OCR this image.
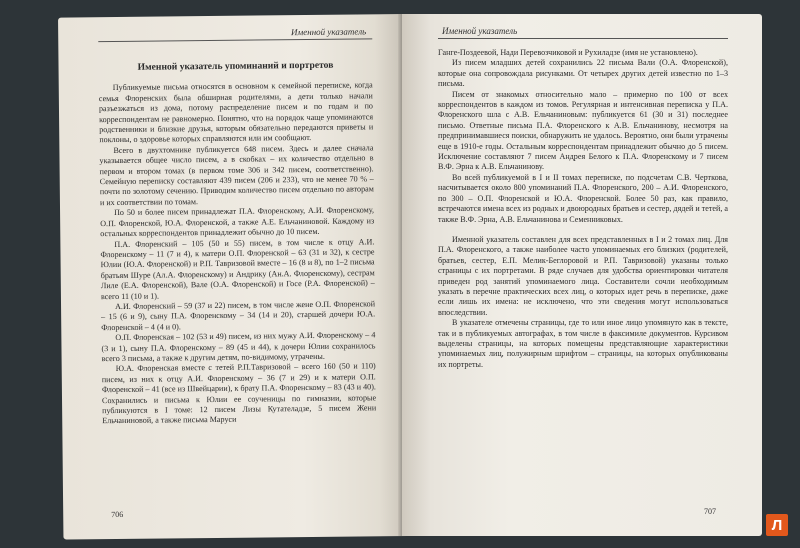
Именной указатель
Именной указатель упоминаний и портретов

Публикуемые письма относятся в основном к семейной переписке, когда семья Флоренских была обширная родителями, а дети только начали разъезжаться из дома, потому распределение писем и по годам и по корреспондентам не равномерно. Понятно, что на порядок чаще упоминаются родственники и близкие друзья, которым обязательно передаются приветы и поклоны, о здоровье которых справляются или им сообщают.

Всего в двухтомнике публикуется 648 писем. Здесь и далее сначала указывается общее число писем, а в скобках – их количество отдельно в первом и втором томах (в первом томе 306 и 342 писем, соответственно). Семейную переписку составляют 439 писем (206 и 233), что не менее 70 % – почти по золотому сечению. Приводим количество писем отдельно по авторам и их соответствии по томам.

По 50 и более писем принадлежат П.А. Флоренскому, А.И. Флоренскому, О.П. Флоренской, Ю.А. Флоренской, а также А.Е. Ельчаниновой. Каждому из остальных корреспондентов принадлежит обычно до 10 писем.

П.А. Флоренский – 105 (50 и 55) писем, в том числе к отцу А.И. Флоренскому – 11 (7 и 4), к матери О.П. Флоренской – 63 (31 и 32), к сестре Юлии (Ю.А. Флоренской) и Р.П. Тавризовой вместе – 16 (8 и 8), по 1–2 письма братьям Шуре (Ал.А. Флоренскому) и Андрику (Ан.А. Флоренскому), сестрам Лиле (Е.А. Флоренской), Вале (О.А. Флоренской) и Госе (Р.А. Флоренской) – всего 11 (10 и 1).

А.И. Флоренский – 59 (37 и 22) писем, в том числе жене О.П. Флоренской – 15 (6 и 9), сыну П.А. Флоренскому – 34 (14 и 20), старшей дочери Ю.А. Флоренской – 4 (4 и 0).

О.П. Флоренская – 102 (53 и 49) писем, из них мужу А.И. Флоренскому – 4 (3 и 1), сыну П.А. Флоренскому – 89 (45 и 44), к дочери Юлии сохранилось всего 3 письма, а также к другим детям, по-видимому, утрачены.

Ю.А. Флоренская вместе с тетей Р.П.Тавризовой – всего 160 (50 и 110) писем, из них к отцу А.И. Флоренскому – 36 (7 и 29) и к матери О.П. Флоренской – 41 (все из Швейцарии), к брату П.А. Флоренскому – 83 (43 и 40). Сохранились и письма к Юлии ее соученицы по гимназии, которые публикуются в I томе: 12 писем Лизы Кутателадзе, 5 писем Жени Ельчаниновой, а также письма Маруси

706
Именной указатель

Ганге-Поздеевой, Нади Перевозчиковой и Рухиладзе (имя не установлено).

Из писем младших детей сохранились 22 письма Вали (О.А. Флоренской), которые она сопровождала рисунками. От четырех других детей известно по 1–3 письма.

Писем от знакомых относительно мало – примерно по 100 от всех корреспондентов в каждом из томов. Регулярная и интенсивная переписка у П.А. Флоренского шла с А.В. Ельчаниновым: публикуется 61 (30 и 31) последнее письмо. Ответные письма П.А. Флоренского к А.В. Ельчанинову, несмотря на предпринимавшиеся поиски, обнаружить не удалось. Вероятно, они были утрачены еще в 1910-е годы. Остальным корреспондентам принадлежит обычно до 5 писем. Исключение составляют 7 писем Андрея Белого к П.А. Флоренскому и 7 писем В.Ф. Эрна к А.В. Ельчанинову.

Во всей публикуемой в I и II томах переписке, по подсчетам С.В. Черткова, насчитывается около 800 упоминаний П.А. Флоренского, 200 – А.И. Флоренского, по 300 – О.П. Флоренской и Ю.А. Флоренской. Более 50 раз, как правило, встречаются имена всех из родных и двоюродных братьев и сестер, дядей и тетей, а также В.Ф. Эрна, А.В. Ельчанинова и Семенниковых.

Именной указатель составлен для всех представленных в I и 2 томах лиц. Для П.А. Флоренского, а также наиболее часто упоминаемых его близких (родителей, братьев, сестер, Е.П. Мелик-Беглоровой и Р.П. Тавризовой) указаны только страницы с их портретами. В ряде случаев для удобства ориентировки читателя приведен род занятий упоминаемого лица. Составители сочли необходимым указать в перечне практических всех лиц, о которых идет речь в переписке, даже если лишь их имена: не исключено, что эти сведения могут использоваться впоследствии.

В указателе отмечены страницы, где то или иное лицо упомянуто как в тексте, так и в публикуемых автографах, в том числе в факсимиле документов. Курсивом выделены страницы, на которых помещены представляющие характеристики упоминаемых лиц, полужирным шрифтом – страницы, на которых опубликованы их портреты.

707
Л
